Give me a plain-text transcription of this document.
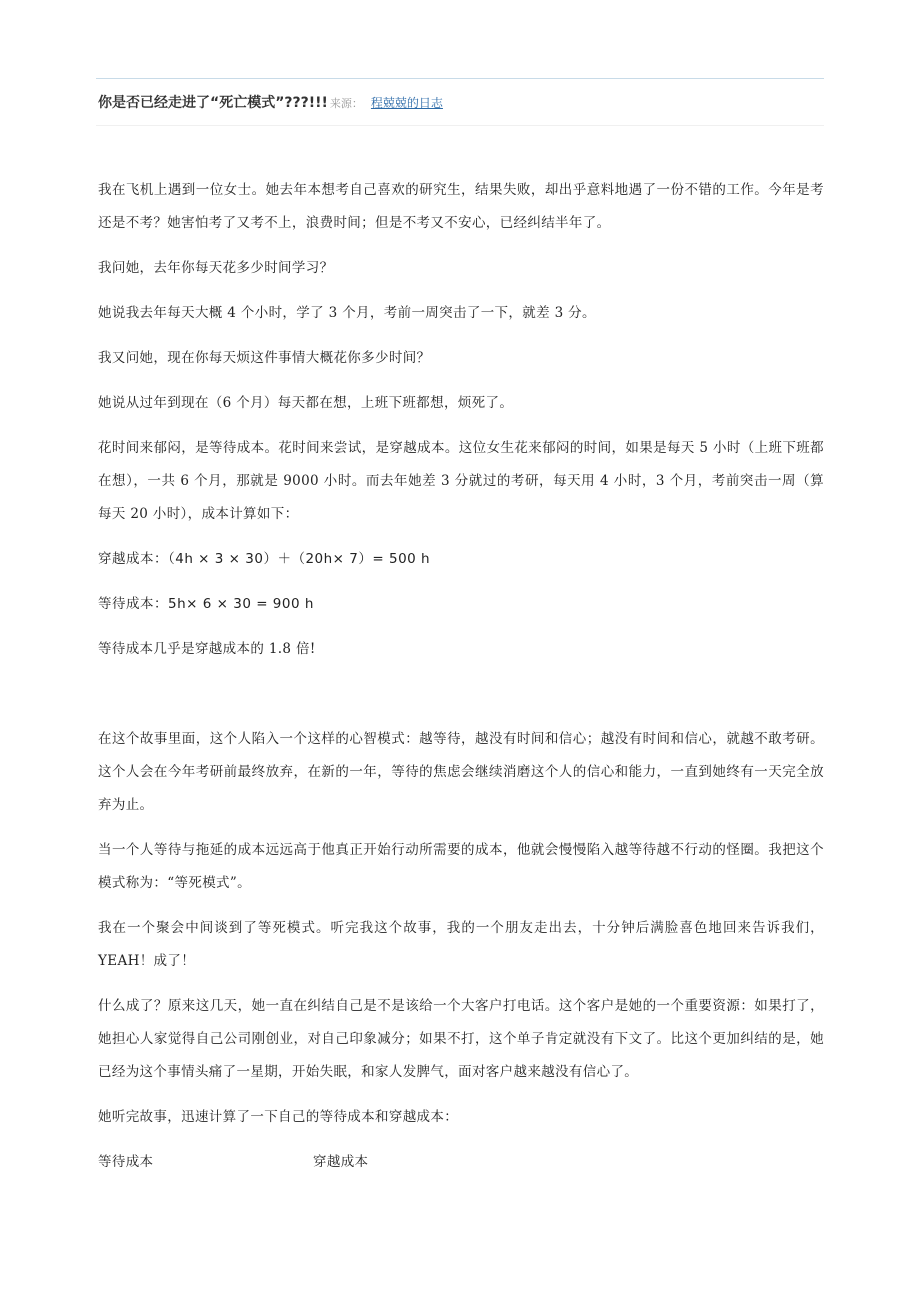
你是否已经走进了“死亡模式”???!!! 来源： 程兢兢的日志

我在飞机上遇到一位女士。她去年本想考自己喜欢的研究生，结果失败，却出乎意料地遇了一份不错的工作。今年是考还是不考？她害怕考了又考不上，浪费时间；但是不考又不安心，已经纠结半年了。

我问她，去年你每天花多少时间学习？

她说我去年每天大概 4 个小时，学了 3 个月，考前一周突击了一下，就差 3 分。

我又问她，现在你每天烦这件事情大概花你多少时间？

她说从过年到现在（6 个月）每天都在想，上班下班都想，烦死了。

花时间来郁闷，是等待成本。花时间来尝试，是穿越成本。这位女生花来郁闷的时间，如果是每天 5 小时（上班下班都在想），一共 6 个月，那就是 9000 小时。而去年她差 3 分就过的考研，每天用 4 小时，3 个月，考前突击一周（算每天 20 小时），成本计算如下：

穿越成本：（4h × 3 × 30）＋（20h× 7）= 500 h

等待成本：5h× 6 × 30 = 900 h

等待成本几乎是穿越成本的 1.8 倍!

在这个故事里面，这个人陷入一个这样的心智模式：越等待，越没有时间和信心；越没有时间和信心，就越不敢考研。这个人会在今年考研前最终放弃，在新的一年，等待的焦虑会继续消磨这个人的信心和能力，一直到她终有一天完全放弃为止。

当一个人等待与拖延的成本远远高于他真正开始行动所需要的成本，他就会慢慢陷入越等待越不行动的怪圈。我把这个模式称为：“等死模式”。

我在一个聚会中间谈到了等死模式。听完我这个故事，我的一个朋友走出去，十分钟后满脸喜色地回来告诉我们，YEAH！成了！

什么成了？原来这几天，她一直在纠结自己是不是该给一个大客户打电话。这个客户是她的一个重要资源：如果打了，她担心人家觉得自己公司刚创业，对自己印象减分；如果不打，这个单子肯定就没有下文了。比这个更加纠结的是，她已经为这个事情头痛了一星期，开始失眠，和家人发脾气，面对客户越来越没有信心了。

她听完故事，迅速计算了一下自己的等待成本和穿越成本：

等待成本	穿越成本
